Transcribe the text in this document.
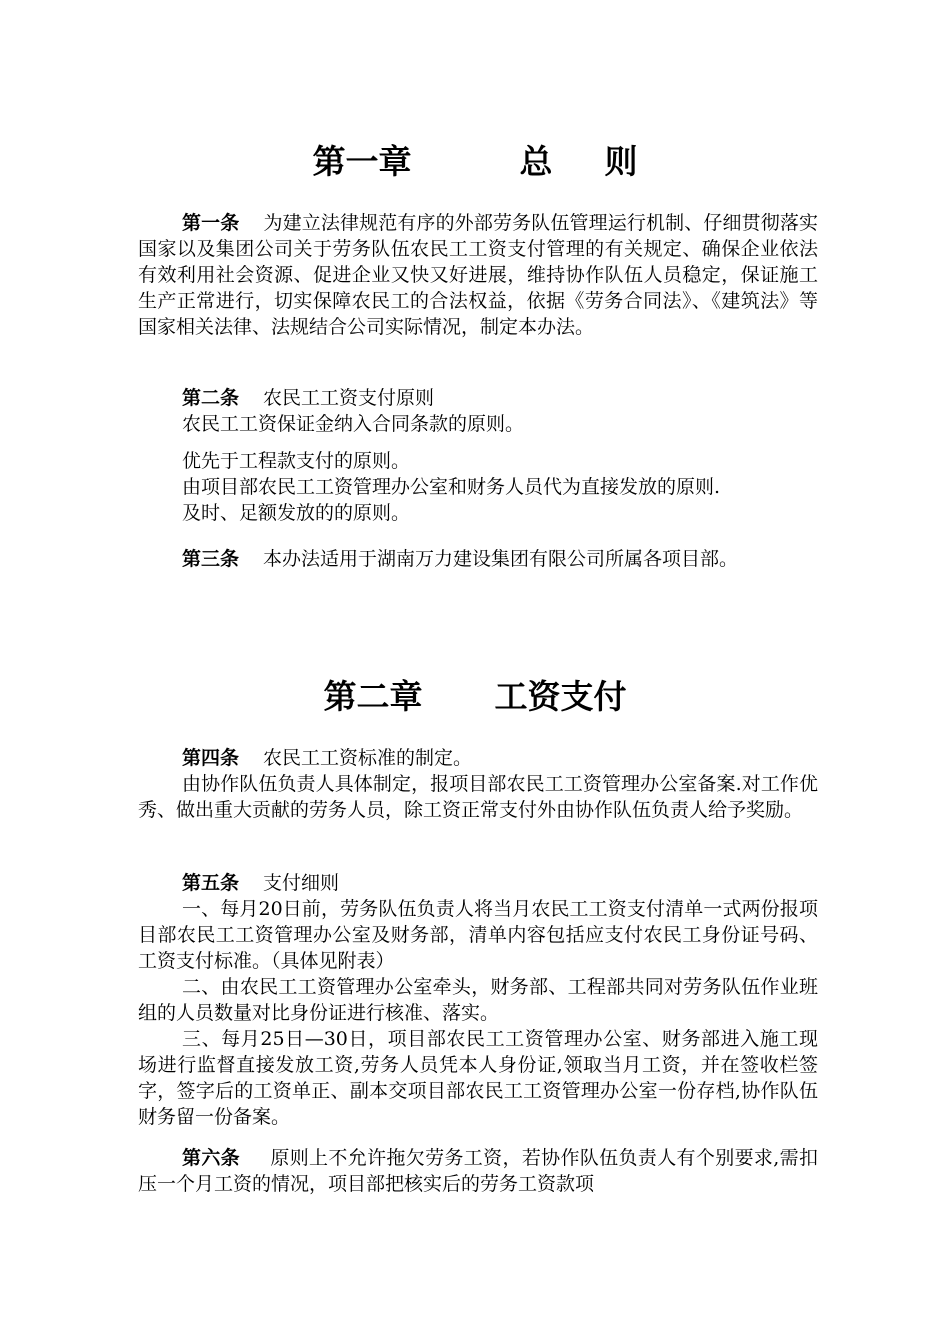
第一章	总 则
第一条 为建立法律规范有序的外部劳务队伍管理运行机制、仔细贯彻落实国家以及集团公司关于劳务队伍农民工工资支付管理的有关规定、确保企业依法有效利用社会资源、促进企业又快又好进展，维持协作队伍人员稳定，保证施工生产正常进行，切实保障农民工的合法权益，依据《劳务合同法》、《建筑法》等国家相关法律、法规结合公司实际情况，制定本办法。
第二条 农民工工资支付原则
农民工工资保证金纳入合同条款的原则。
优先于工程款支付的原则。
由项目部农民工工资管理办公室和财务人员代为直接发放的原则.
及时、足额发放的的原则。
第三条 本办法适用于湖南万力建设集团有限公司所属各项目部。
第二章 工资支付
第四条 农民工工资标准的制定。
由协作队伍负责人具体制定，报项目部农民工工资管理办公室备案.对工作优秀、做出重大贡献的劳务人员，除工资正常支付外由协作队伍负责人给予奖励。
第五条 支付细则
一、每月20日前，劳务队伍负责人将当月农民工工资支付清单一式两份报项目部农民工工资管理办公室及财务部，清单内容包括应支付农民工身份证号码、工资支付标准。（具体见附表）
二、由农民工工资管理办公室牵头，财务部、工程部共同对劳务队伍作业班组的人员数量对比身份证进行核准、落实。
三、每月25日—30日，项目部农民工工资管理办公室、财务部进入施工现场进行监督直接发放工资,劳务人员凭本人身份证,领取当月工资，并在签收栏签字，签字后的工资单正、副本交项目部农民工工资管理办公室一份存档,协作队伍财务留一份备案。
第六条 原则上不允许拖欠劳务工资，若协作队伍负责人有个别要求,需扣压一个月工资的情况，项目部把核实后的劳务工资款项
